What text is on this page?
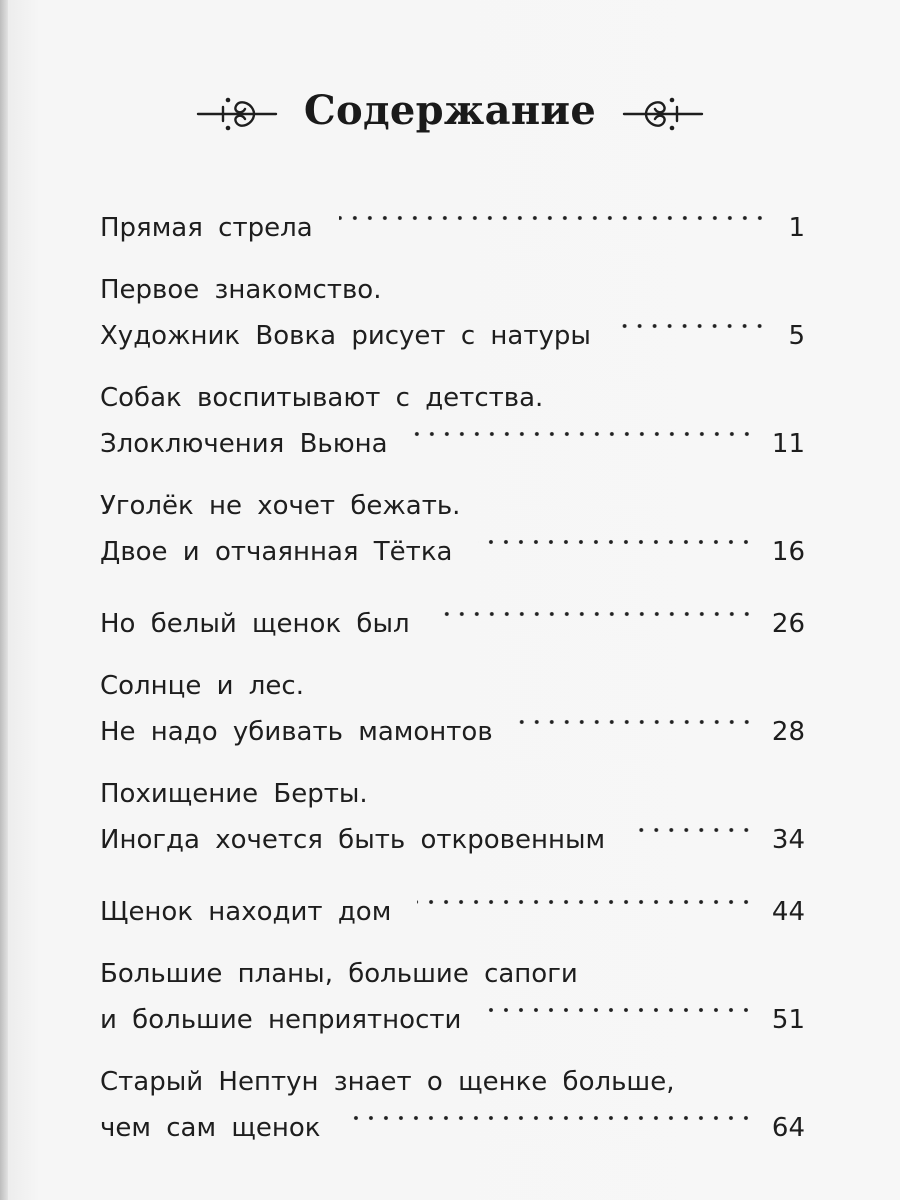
Содержание
Прямая стрела	1
Первое знакомство.
Художник Вовка рисует с натуры	5
Собак воспитывают с детства.
Злоключения Вьюна	11
Уголёк не хочет бежать.
Двое и отчаянная Тётка	16
Но белый щенок был	26
Солнце и лес.
Не надо убивать мамонтов	28
Похищение Берты.
Иногда хочется быть откровенным	34
Щенок находит дом	44
Большие планы, большие сапоги
и большие неприятности	51
Старый Нептун знает о щенке больше,
чем сам щенок	64
